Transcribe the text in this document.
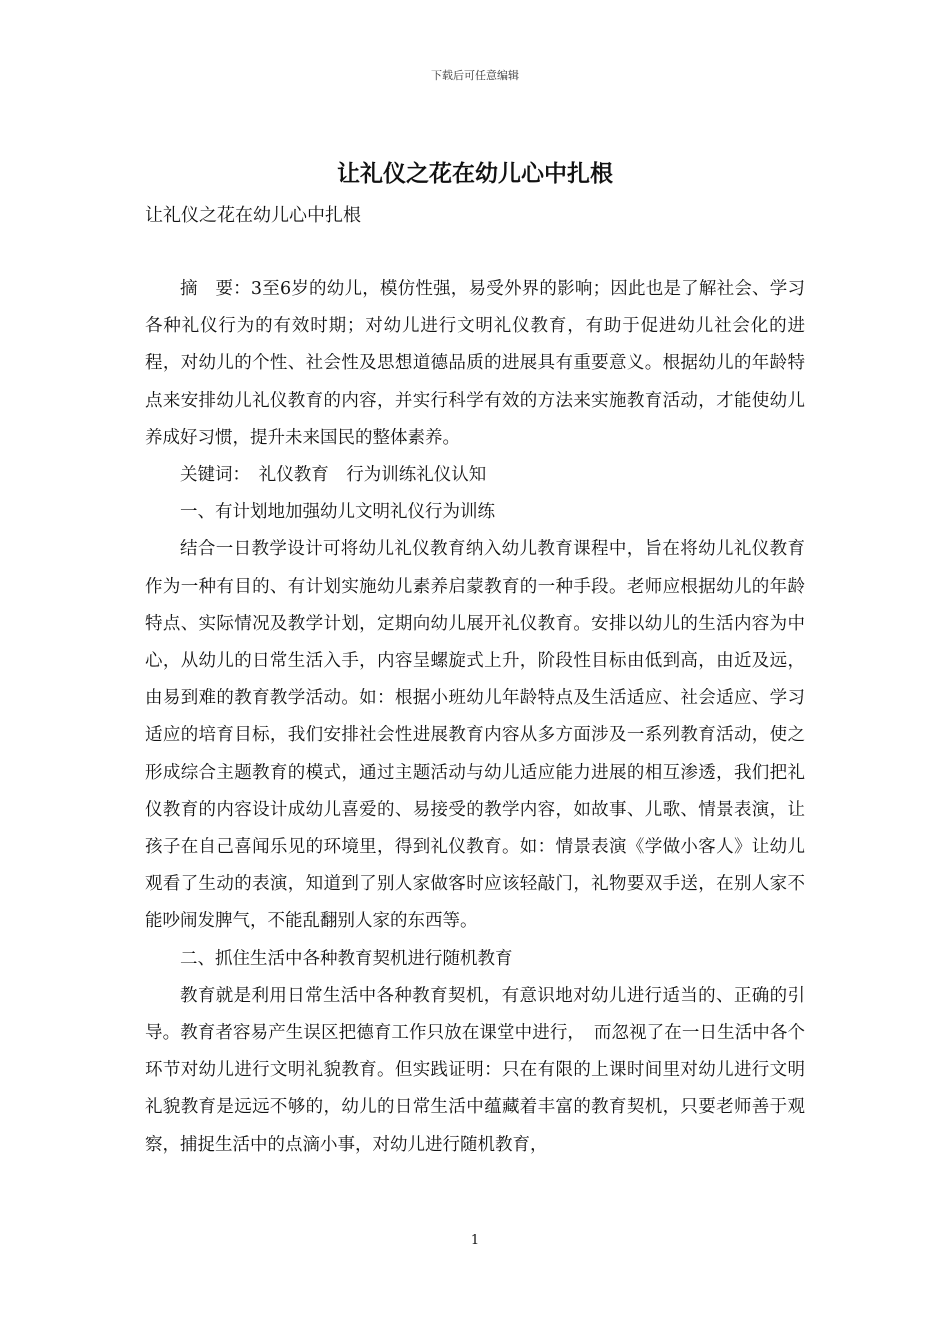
下载后可任意编辑
让礼仪之花在幼儿心中扎根

让礼仪之花在幼儿心中扎根

摘　要：3至6岁的幼儿，模仿性强，易受外界的影响；因此也是了解社会、学习各种礼仪行为的有效时期；对幼儿进行文明礼仪教育，有助于促进幼儿社会化的进程，对幼儿的个性、社会性及思想道德品质的进展具有重要意义。根据幼儿的年龄特点来安排幼儿礼仪教育的内容，并实行科学有效的方法来实施教育活动，才能使幼儿养成好习惯，提升未来国民的整体素养。

关键词：　礼仪教育　行为训练礼仪认知

一、有计划地加强幼儿文明礼仪行为训练

结合一日教学设计可将幼儿礼仪教育纳入幼儿教育课程中，旨在将幼儿礼仪教育作为一种有目的、有计划实施幼儿素养启蒙教育的一种手段。老师应根据幼儿的年龄特点、实际情况及教学计划，定期向幼儿展开礼仪教育。安排以幼儿的生活内容为中心，从幼儿的日常生活入手，内容呈螺旋式上升，阶段性目标由低到高，由近及远，由易到难的教育教学活动。如：根据小班幼儿年龄特点及生活适应、社会适应、学习适应的培育目标，我们安排社会性进展教育内容从多方面涉及一系列教育活动，使之形成综合主题教育的模式，通过主题活动与幼儿适应能力进展的相互渗透，我们把礼仪教育的内容设计成幼儿喜爱的、易接受的教学内容，如故事、儿歌、情景表演，让孩子在自己喜闻乐见的环境里，得到礼仪教育。如：情景表演《学做小客人》让幼儿观看了生动的表演，知道到了别人家做客时应该轻敲门，礼物要双手送，在别人家不能吵闹发脾气，不能乱翻别人家的东西等。

二、抓住生活中各种教育契机进行随机教育

教育就是利用日常生活中各种教育契机，有意识地对幼儿进行适当的、正确的引导。教育者容易产生误区把德育工作只放在课堂中进行，　而忽视了在一日生活中各个环节对幼儿进行文明礼貌教育。但实践证明：只在有限的上课时间里对幼儿进行文明礼貌教育是远远不够的，幼儿的日常生活中蕴藏着丰富的教育契机，只要老师善于观察，捕捉生活中的点滴小事，对幼儿进行随机教育，

1
